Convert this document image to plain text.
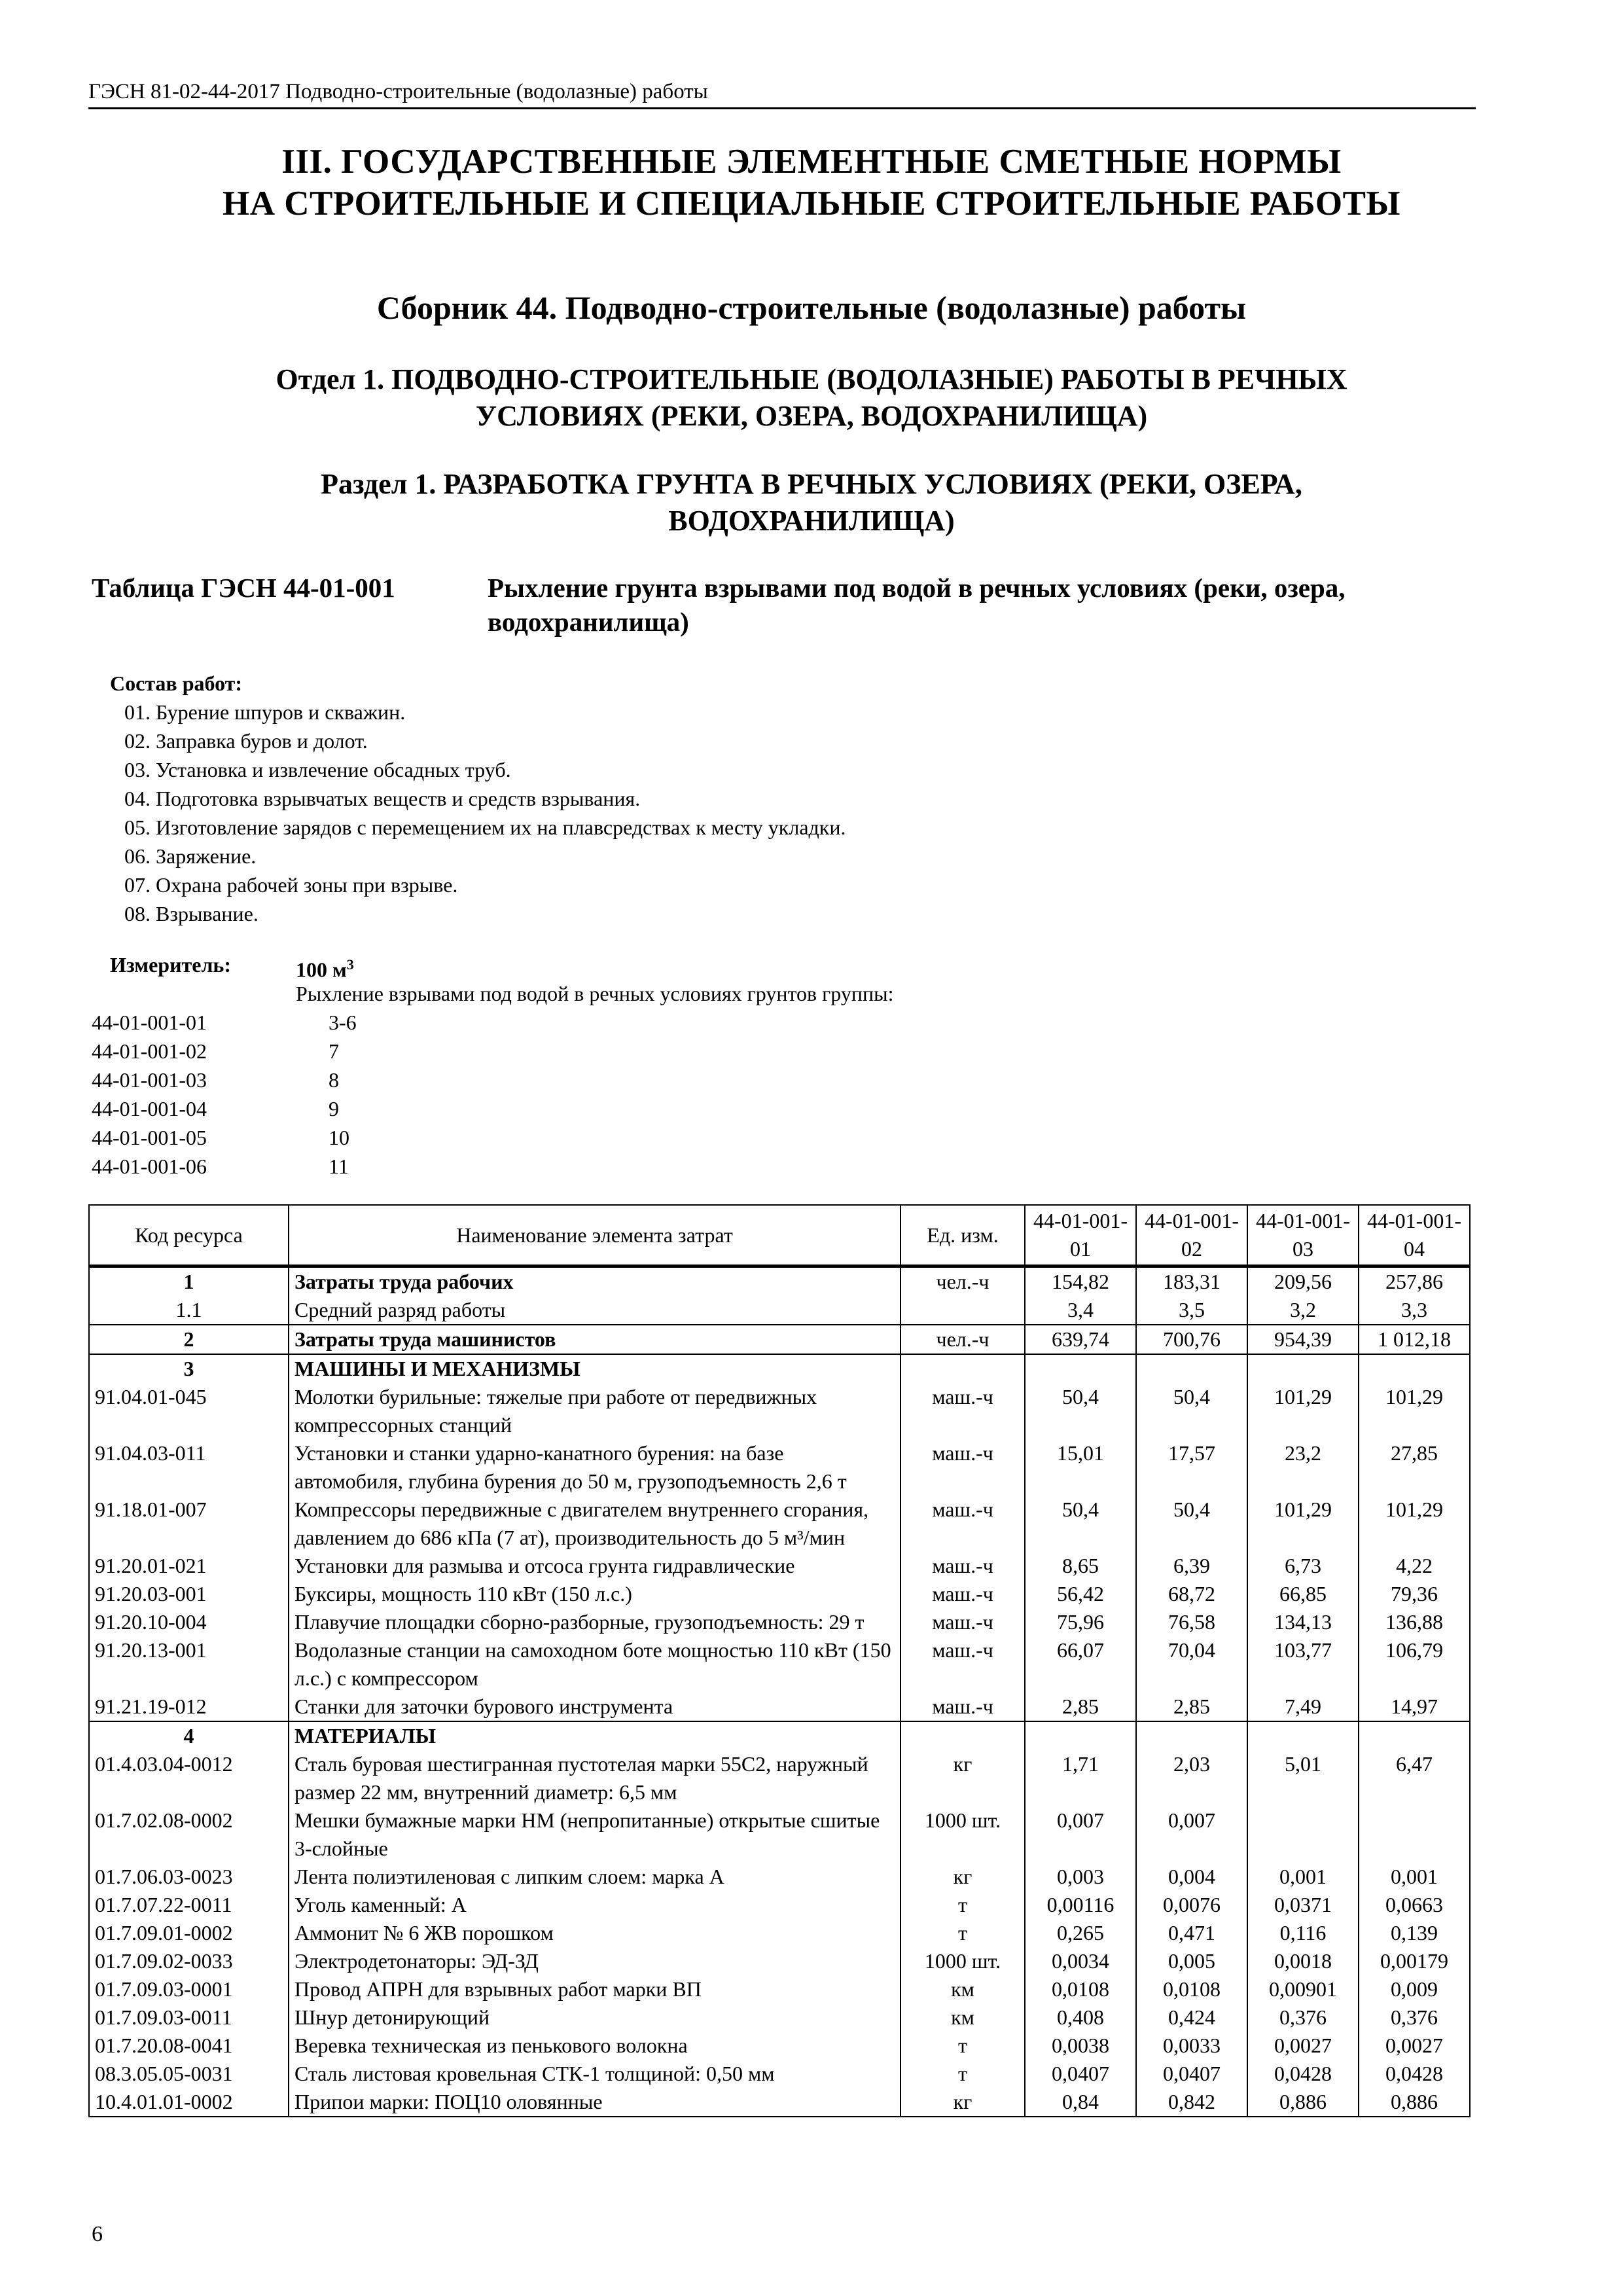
ГЭСН 81-02-44-2017 Подводно-строительные (водолазные) работы
III. ГОСУДАРСТВЕННЫЕ ЭЛЕМЕНТНЫЕ СМЕТНЫЕ НОРМЫ
НА СТРОИТЕЛЬНЫЕ И СПЕЦИАЛЬНЫЕ СТРОИТЕЛЬНЫЕ РАБОТЫ
Сборник 44. Подводно-строительные (водолазные) работы
Отдел 1. ПОДВОДНО-СТРОИТЕЛЬНЫЕ (ВОДОЛАЗНЫЕ) РАБОТЫ В РЕЧНЫХ
УСЛОВИЯХ (РЕКИ, ОЗЕРА, ВОДОХРАНИЛИЩА)
Раздел 1. РАЗРАБОТКА ГРУНТА В РЕЧНЫХ УСЛОВИЯХ (РЕКИ, ОЗЕРА,
ВОДОХРАНИЛИЩА)
Таблица ГЭСН 44-01-001	Рыхление грунта взрывами под водой в речных условиях (реки, озера,
водохранилища)
Состав работ:
01. Бурение шпуров и скважин.
02. Заправка буров и долот.
03. Установка и извлечение обсадных труб.
04. Подготовка взрывчатых веществ и средств взрывания.
05. Изготовление зарядов с перемещением их на плавсредствах к месту укладки.
06. Заряжение.
07. Охрана рабочей зоны при взрыве.
08. Взрывание.
Измеритель:	100 $м^3$
Рыхление взрывами под водой в речных условиях грунтов группы:
44-01-001-01	3-6
44-01-001-02	7
44-01-001-03	8
44-01-001-04	9
44-01-001-05	10
44-01-001-06	11
Код ресурса	Наименование элемента затрат	Ед. изм.	44-01-001-01	44-01-001-02	44-01-001-03	44-01-001-04
1	Затраты труда рабочих	чел.-ч	154,82	183,31	209,56	257,86
1.1	Средний разряд работы		3,4	3,5	3,2	3,3
2	Затраты труда машинистов	чел.-ч	639,74	700,76	954,39	1 012,18
3	МАШИНЫ И МЕХАНИЗМЫ					
91.04.01-045	Молотки бурильные: тяжелые при работе от передвижных компрессорных станций	маш.-ч	50,4	50,4	101,29	101,29
91.04.03-011	Установки и станки ударно-канатного бурения: на базе автомобиля, глубина бурения до 50 м, грузоподъемность 2,6 т	маш.-ч	15,01	17,57	23,2	27,85
91.18.01-007	Компрессоры передвижные с двигателем внутреннего сгорания, давлением до 686 кПа (7 ат), производительность до 5 м³/мин	маш.-ч	50,4	50,4	101,29	101,29
91.20.01-021	Установки для размыва и отсоса грунта гидравлические	маш.-ч	8,65	6,39	6,73	4,22
91.20.03-001	Буксиры, мощность 110 кВт (150 л.с.)	маш.-ч	56,42	68,72	66,85	79,36
91.20.10-004	Плавучие площадки сборно-разборные, грузоподъемность: 29 т	маш.-ч	75,96	76,58	134,13	136,88
91.20.13-001	Водолазные станции на самоходном боте мощностью 110 кВт (150 л.с.) с компрессором	маш.-ч	66,07	70,04	103,77	106,79
91.21.19-012	Станки для заточки бурового инструмента	маш.-ч	2,85	2,85	7,49	14,97
4	МАТЕРИАЛЫ					
01.4.03.04-0012	Сталь буровая шестигранная пустотелая марки 55С2, наружный размер 22 мм, внутренний диаметр: 6,5 мм	кг	1,71	2,03	5,01	6,47
01.7.02.08-0002	Мешки бумажные марки НМ (непропитанные) открытые сшитые 3-слойные	1000 шт.	0,007	0,007		
01.7.06.03-0023	Лента полиэтиленовая с липким слоем: марка А	кг	0,003	0,004	0,001	0,001
01.7.07.22-0011	Уголь каменный: А	т	0,00116	0,0076	0,0371	0,0663
01.7.09.01-0002	Аммонит № 6 ЖВ порошком	т	0,265	0,471	0,116	0,139
01.7.09.02-0033	Электродетонаторы: ЭД-ЗД	1000 шт.	0,0034	0,005	0,0018	0,00179
01.7.09.03-0001	Провод АПРН для взрывных работ марки ВП	км	0,0108	0,0108	0,00901	0,009
01.7.09.03-0011	Шнур детонирующий	км	0,408	0,424	0,376	0,376
01.7.20.08-0041	Веревка техническая из пенькового волокна	т	0,0038	0,0033	0,0027	0,0027
08.3.05.05-0031	Сталь листовая кровельная СТК-1 толщиной: 0,50 мм	т	0,0407	0,0407	0,0428	0,0428
10.4.01.01-0002	Припои марки: ПОЦ10 оловянные	кг	0,84	0,842	0,886	0,886
6
